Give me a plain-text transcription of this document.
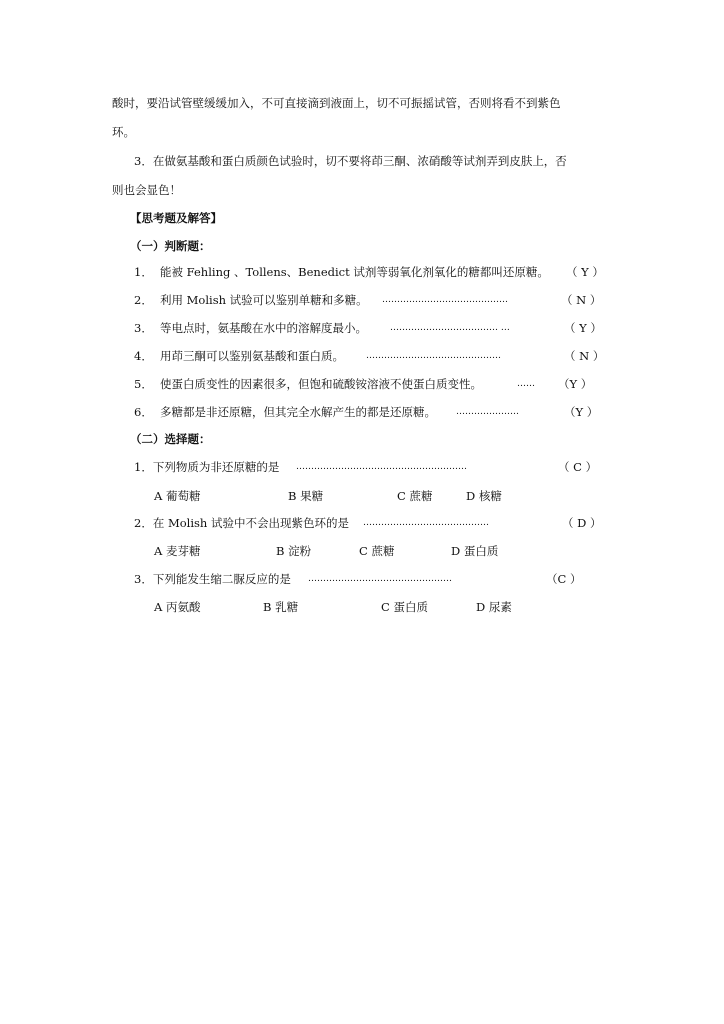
酸时，要沿试管壁缓缓加入，不可直接滴到液面上，切不可振摇试管，否则将看不到紫色
环。
3．在做氨基酸和蛋白质颜色试验时，切不要将茚三酮、浓硝酸等试剂弄到皮肤上，否
则也会显色！
【思考题及解答】
（一）判断题：
1． 能被 Fehling 、Tollens、Benedict 试剂等弱氧化剂氧化的糖都叫还原糖。 （ Y ）
2． 利用 Molish 试验可以鉴别单糖和多糖。 ……………………………………	（ N ）
3． 等电点时，氨基酸在水中的溶解度最小。	……………………………… …	（ Y ）
4． 用茚三酮可以鉴别氨基酸和蛋白质。 ………………………………………	（ N ）
5． 使蛋白质变性的因素很多，但饱和硫酸铵溶液不使蛋白质变性。	…… （Y ）
6． 多糖都是非还原糖，但其完全水解产生的都是还原糖。 …………………	（Y ）
（二）选择题：
1．下列物质为非还原糖的是 …………………………………………………	（ C ）
A 葡萄糖	B 果糖	C 蔗糖	D 核糖
2．在 Molish 试验中不会出现紫色环的是 ……………………………………	（ D ）
A 麦芽糖	B 淀粉	C 蔗糖	D 蛋白质
3．下列能发生缩二脲反应的是 …………………………………………	（C ）
A 丙氨酸	B 乳糖	C 蛋白质	D 尿素
